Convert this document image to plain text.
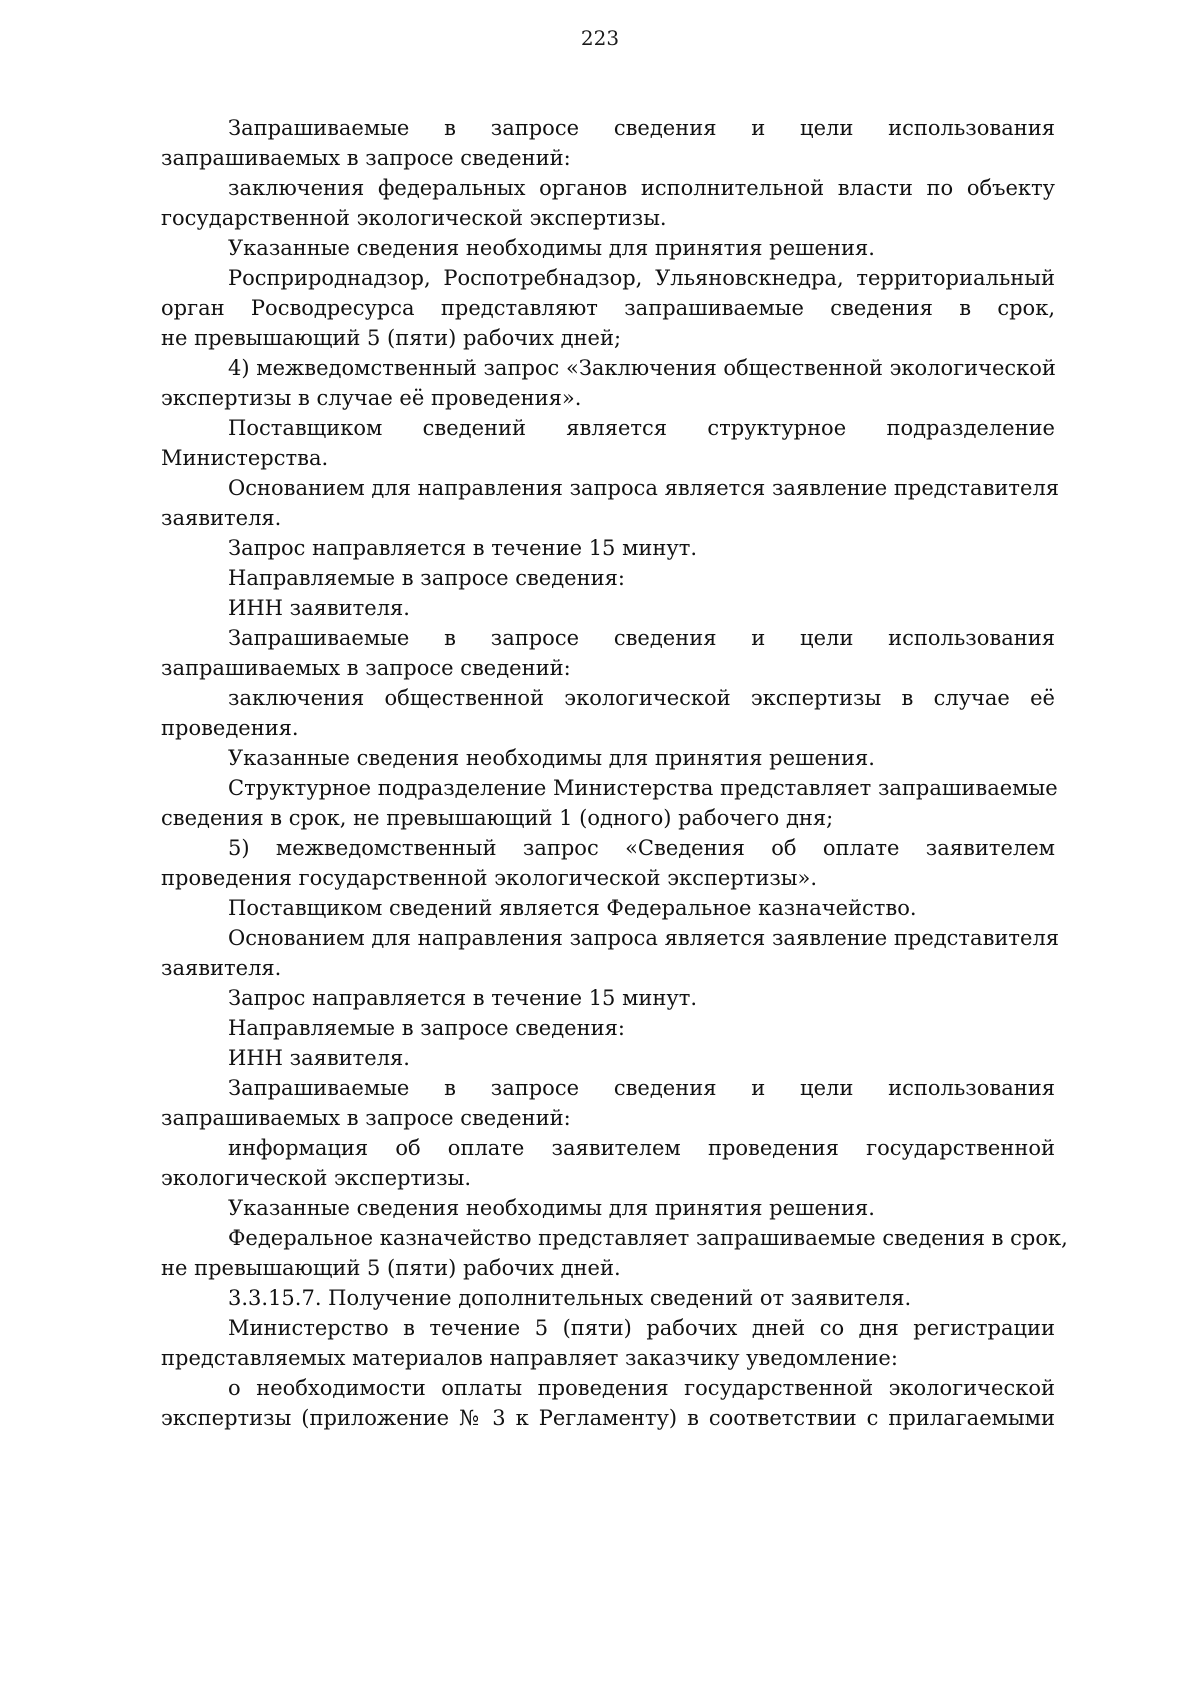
223
Запрашиваемые в запросе сведения и цели использования
запрашиваемых в запросе сведений:
заключения федеральных органов исполнительной власти по объекту
государственной экологической экспертизы.
Указанные сведения необходимы для принятия решения.
Росприроднадзор, Роспотребнадзор, Ульяновскнедра, территориальный
орган Росводресурса представляют запрашиваемые сведения в срок,
не превышающий 5 (пяти) рабочих дней;
4) межведомственный запрос «Заключения общественной экологической
экспертизы в случае её проведения».
Поставщиком сведений является структурное подразделение
Министерства.
Основанием для направления запроса является заявление представителя
заявителя.
Запрос направляется в течение 15 минут.
Направляемые в запросе сведения:
ИНН заявителя.
Запрашиваемые в запросе сведения и цели использования
запрашиваемых в запросе сведений:
заключения общественной экологической экспертизы в случае её
проведения.
Указанные сведения необходимы для принятия решения.
Структурное подразделение Министерства представляет запрашиваемые
сведения в срок, не превышающий 1 (одного) рабочего дня;
5) межведомственный запрос «Сведения об оплате заявителем
проведения государственной экологической экспертизы».
Поставщиком сведений является Федеральное казначейство.
Основанием для направления запроса является заявление представителя
заявителя.
Запрос направляется в течение 15 минут.
Направляемые в запросе сведения:
ИНН заявителя.
Запрашиваемые в запросе сведения и цели использования
запрашиваемых в запросе сведений:
информация об оплате заявителем проведения государственной
экологической экспертизы.
Указанные сведения необходимы для принятия решения.
Федеральное казначейство представляет запрашиваемые сведения в срок,
не превышающий 5 (пяти) рабочих дней.
3.3.15.7. Получение дополнительных сведений от заявителя.
Министерство в течение 5 (пяти) рабочих дней со дня регистрации
представляемых материалов направляет заказчику уведомление:
о необходимости оплаты проведения государственной экологической
экспертизы (приложение № 3 к Регламенту) в соответствии с прилагаемыми
